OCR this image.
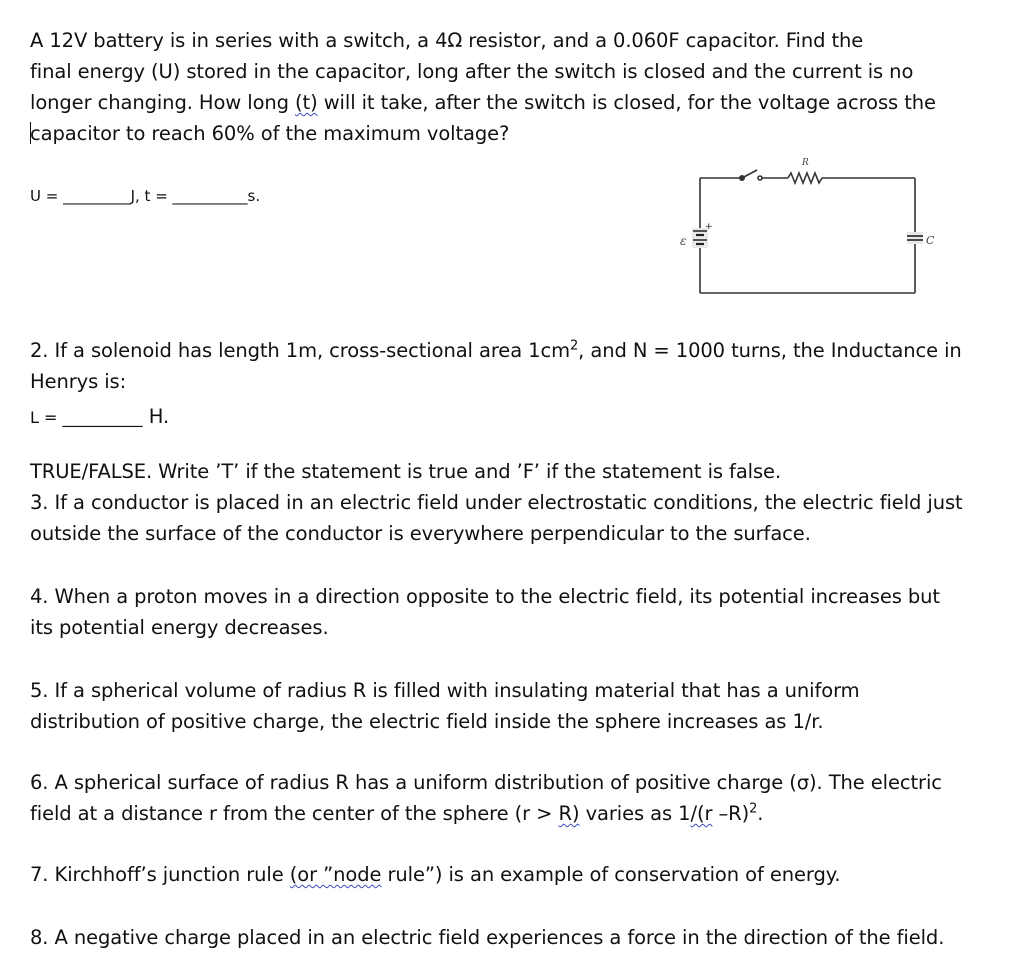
A 12V battery is in series with a switch, a 4Ω resistor, and a 0.060F capacitor. Find the
final energy (U) stored in the capacitor, long after the switch is closed and the current is no
longer changing. How long (t) will it take, after the switch is closed, for the voltage across the
capacitor to reach 60% of the maximum voltage?
U = _________J, t = __________s.
+
ε	C
R
2. If a solenoid has length 1m, cross-sectional area $1cm^2$, and N = 1000 turns, the Inductance in
Henrys is:
L = __________ H.
TRUE/FALSE. Write ’T’ if the statement is true and ’F’ if the statement is false.
3. If a conductor is placed in an electric field under electrostatic conditions, the electric field just
outside the surface of the conductor is everywhere perpendicular to the surface.
4. When a proton moves in a direction opposite to the electric field, its potential increases but
its potential energy decreases.
5. If a spherical volume of radius R is filled with insulating material that has a uniform
distribution of positive charge, the electric field inside the sphere increases as 1/r.
6. A spherical surface of radius R has a uniform distribution of positive charge (σ). The electric
field at a distance r from the center of the sphere (r > R) varies as 1/(r –R)$^2$.
7. Kirchhoff’s junction rule (or ”node rule”) is an example of conservation of energy.
8. A negative charge placed in an electric field experiences a force in the direction of the field.
